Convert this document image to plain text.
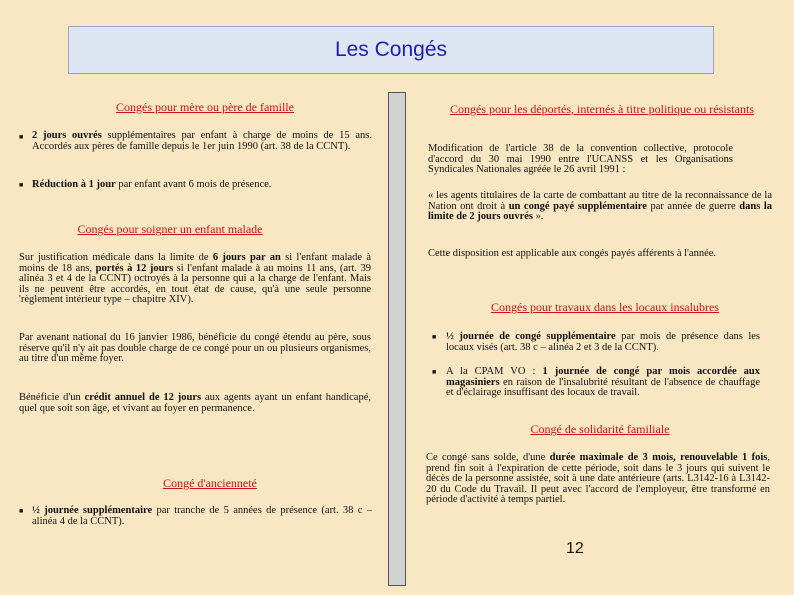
Les Congés
Congés pour mère ou père de famille
■ 2 jours ouvrés supplémentaires par enfant à charge de moins de 15 ans. Accordés aux pères de famille depuis le 1er juin 1990 (art. 38 de la CCNT).
■ Réduction à 1 jour par enfant avant 6 mois de présence.
Congés pour soigner un enfant malade
Sur justification médicale dans la limite de 6 jours par an si l'enfant malade à moins de 18 ans, portés à 12 jours si l'enfant malade à au moins 11 ans, (art. 39 alinéa 3 et 4 de la CCNT) octroyés à la personne qui a la charge de l'enfant. Mais ils ne peuvent être accordés, en tout état de cause, qu'à une seule personne 'règlement intérieur type – chapitre XIV).
Par avenant national du 16 janvier 1986, bénéficie du congé étendu au père, sous réserve qu'il n'y ait pas double charge de ce congé pour un ou plusieurs organismes, au titre d'un même foyer.
Bénéficie d'un crédit annuel de 12 jours aux agents ayant un enfant handicapé, quel que soit son âge, et vivant au foyer en permanence.
Congé d'ancienneté
■ ½ journée supplémentaire par tranche de 5 années de présence (art. 38 c – alinéa 4 de la CCNT).
Congés pour les déportés, internés à titre politique ou résistants
Modification de l'article 38 de la convention collective, protocole d'accord du 30 mai 1990 entre l'UCANSS et les Organisations Syndicales Nationales agréée le 26 avril 1991 :
« les agents titulaires de la carte de combattant au titre de la reconnaissance de la Nation ont droit à un congé payé supplémentaire par année de guerre dans la limite de 2 jours ouvrés ».
Cette disposition est applicable aux congés payés afférents à l'année.
Congés pour travaux dans les locaux insalubres
■ ½ journée de congé supplémentaire par mois de présence dans les locaux visés (art. 38 c – alinéa 2 et 3 de la CCNT).
■ A la CPAM VO : 1 journée de congé par mois accordée aux magasiniers en raison de l'insalubrité résultant de l'absence de chauffage et d'éclairage insuffisant des locaux de travail.
Congé de solidarité familiale
Ce congé sans solde, d'une durée maximale de 3 mois, renouvelable 1 fois, prend fin soit à l'expiration de cette période, soit dans le 3 jours qui suivent le décès de la personne assistée, soit à une date antérieure (arts. L3142-16 à L3142-20 du Code du Travail. Il peut avec l'accord de l'employeur, être transformé en période d'activité à temps partiel.
12
